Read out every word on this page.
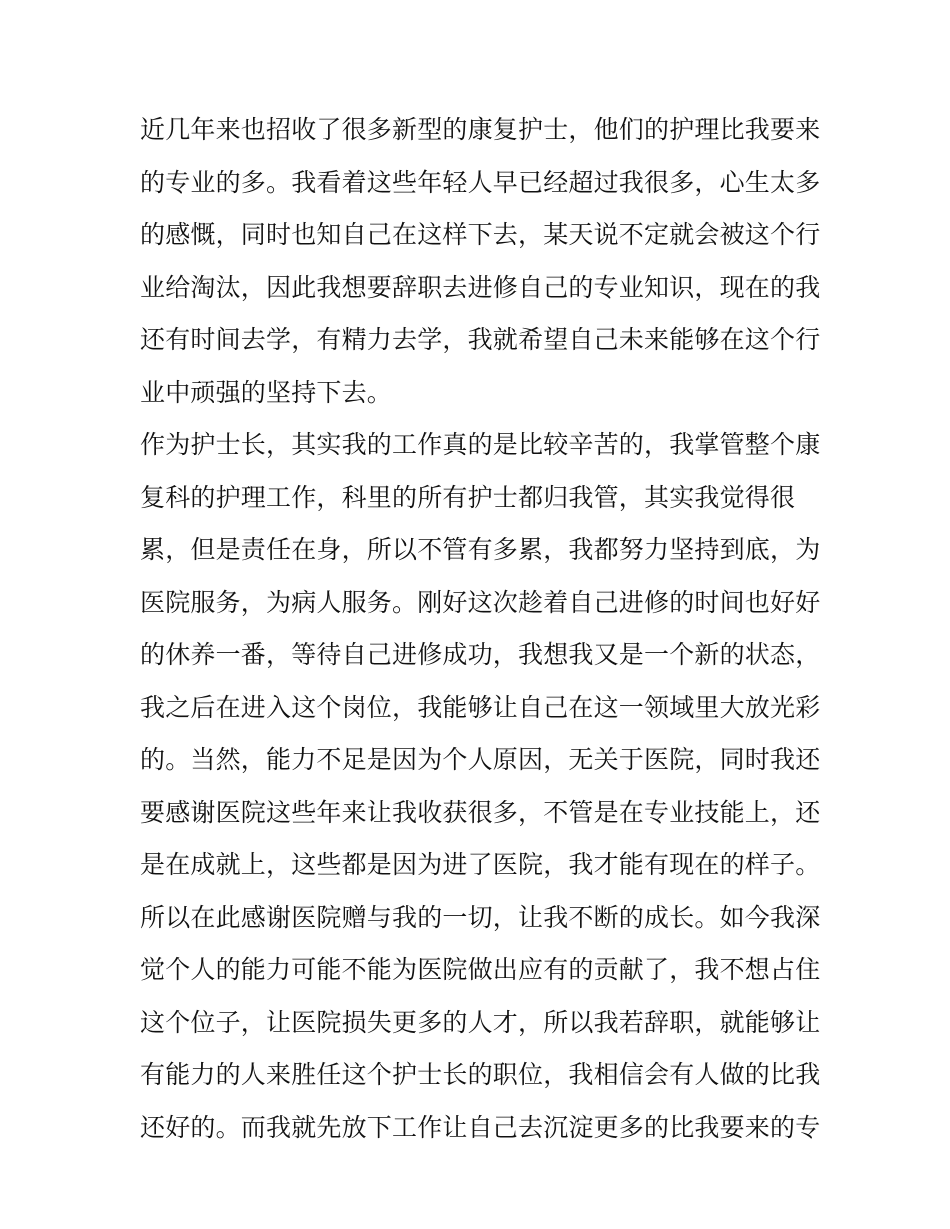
近几年来也招收了很多新型的康复护士，他们的护理比我要来
的专业的多。我看着这些年轻人早已经超过我很多，心生太多
的感慨，同时也知自己在这样下去，某天说不定就会被这个行
业给淘汰，因此我想要辞职去进修自己的专业知识，现在的我
还有时间去学，有精力去学，我就希望自己未来能够在这个行
业中顽强的坚持下去。
作为护士长，其实我的工作真的是比较辛苦的，我掌管整个康
复科的护理工作，科里的所有护士都归我管，其实我觉得很
累，但是责任在身，所以不管有多累，我都努力坚持到底，为
医院服务，为病人服务。刚好这次趁着自己进修的时间也好好
的休养一番，等待自己进修成功，我想我又是一个新的状态，
我之后在进入这个岗位，我能够让自己在这一领域里大放光彩
的。当然，能力不足是因为个人原因，无关于医院，同时我还
要感谢医院这些年来让我收获很多，不管是在专业技能上，还
是在成就上，这些都是因为进了医院，我才能有现在的样子。
所以在此感谢医院赠与我的一切，让我不断的成长。如今我深
觉个人的能力可能不能为医院做出应有的贡献了，我不想占住
这个位子，让医院损失更多的人才，所以我若辞职，就能够让
有能力的人来胜任这个护士长的职位，我相信会有人做的比我
还好的。而我就先放下工作让自己去沉淀更多的比我要来的专
